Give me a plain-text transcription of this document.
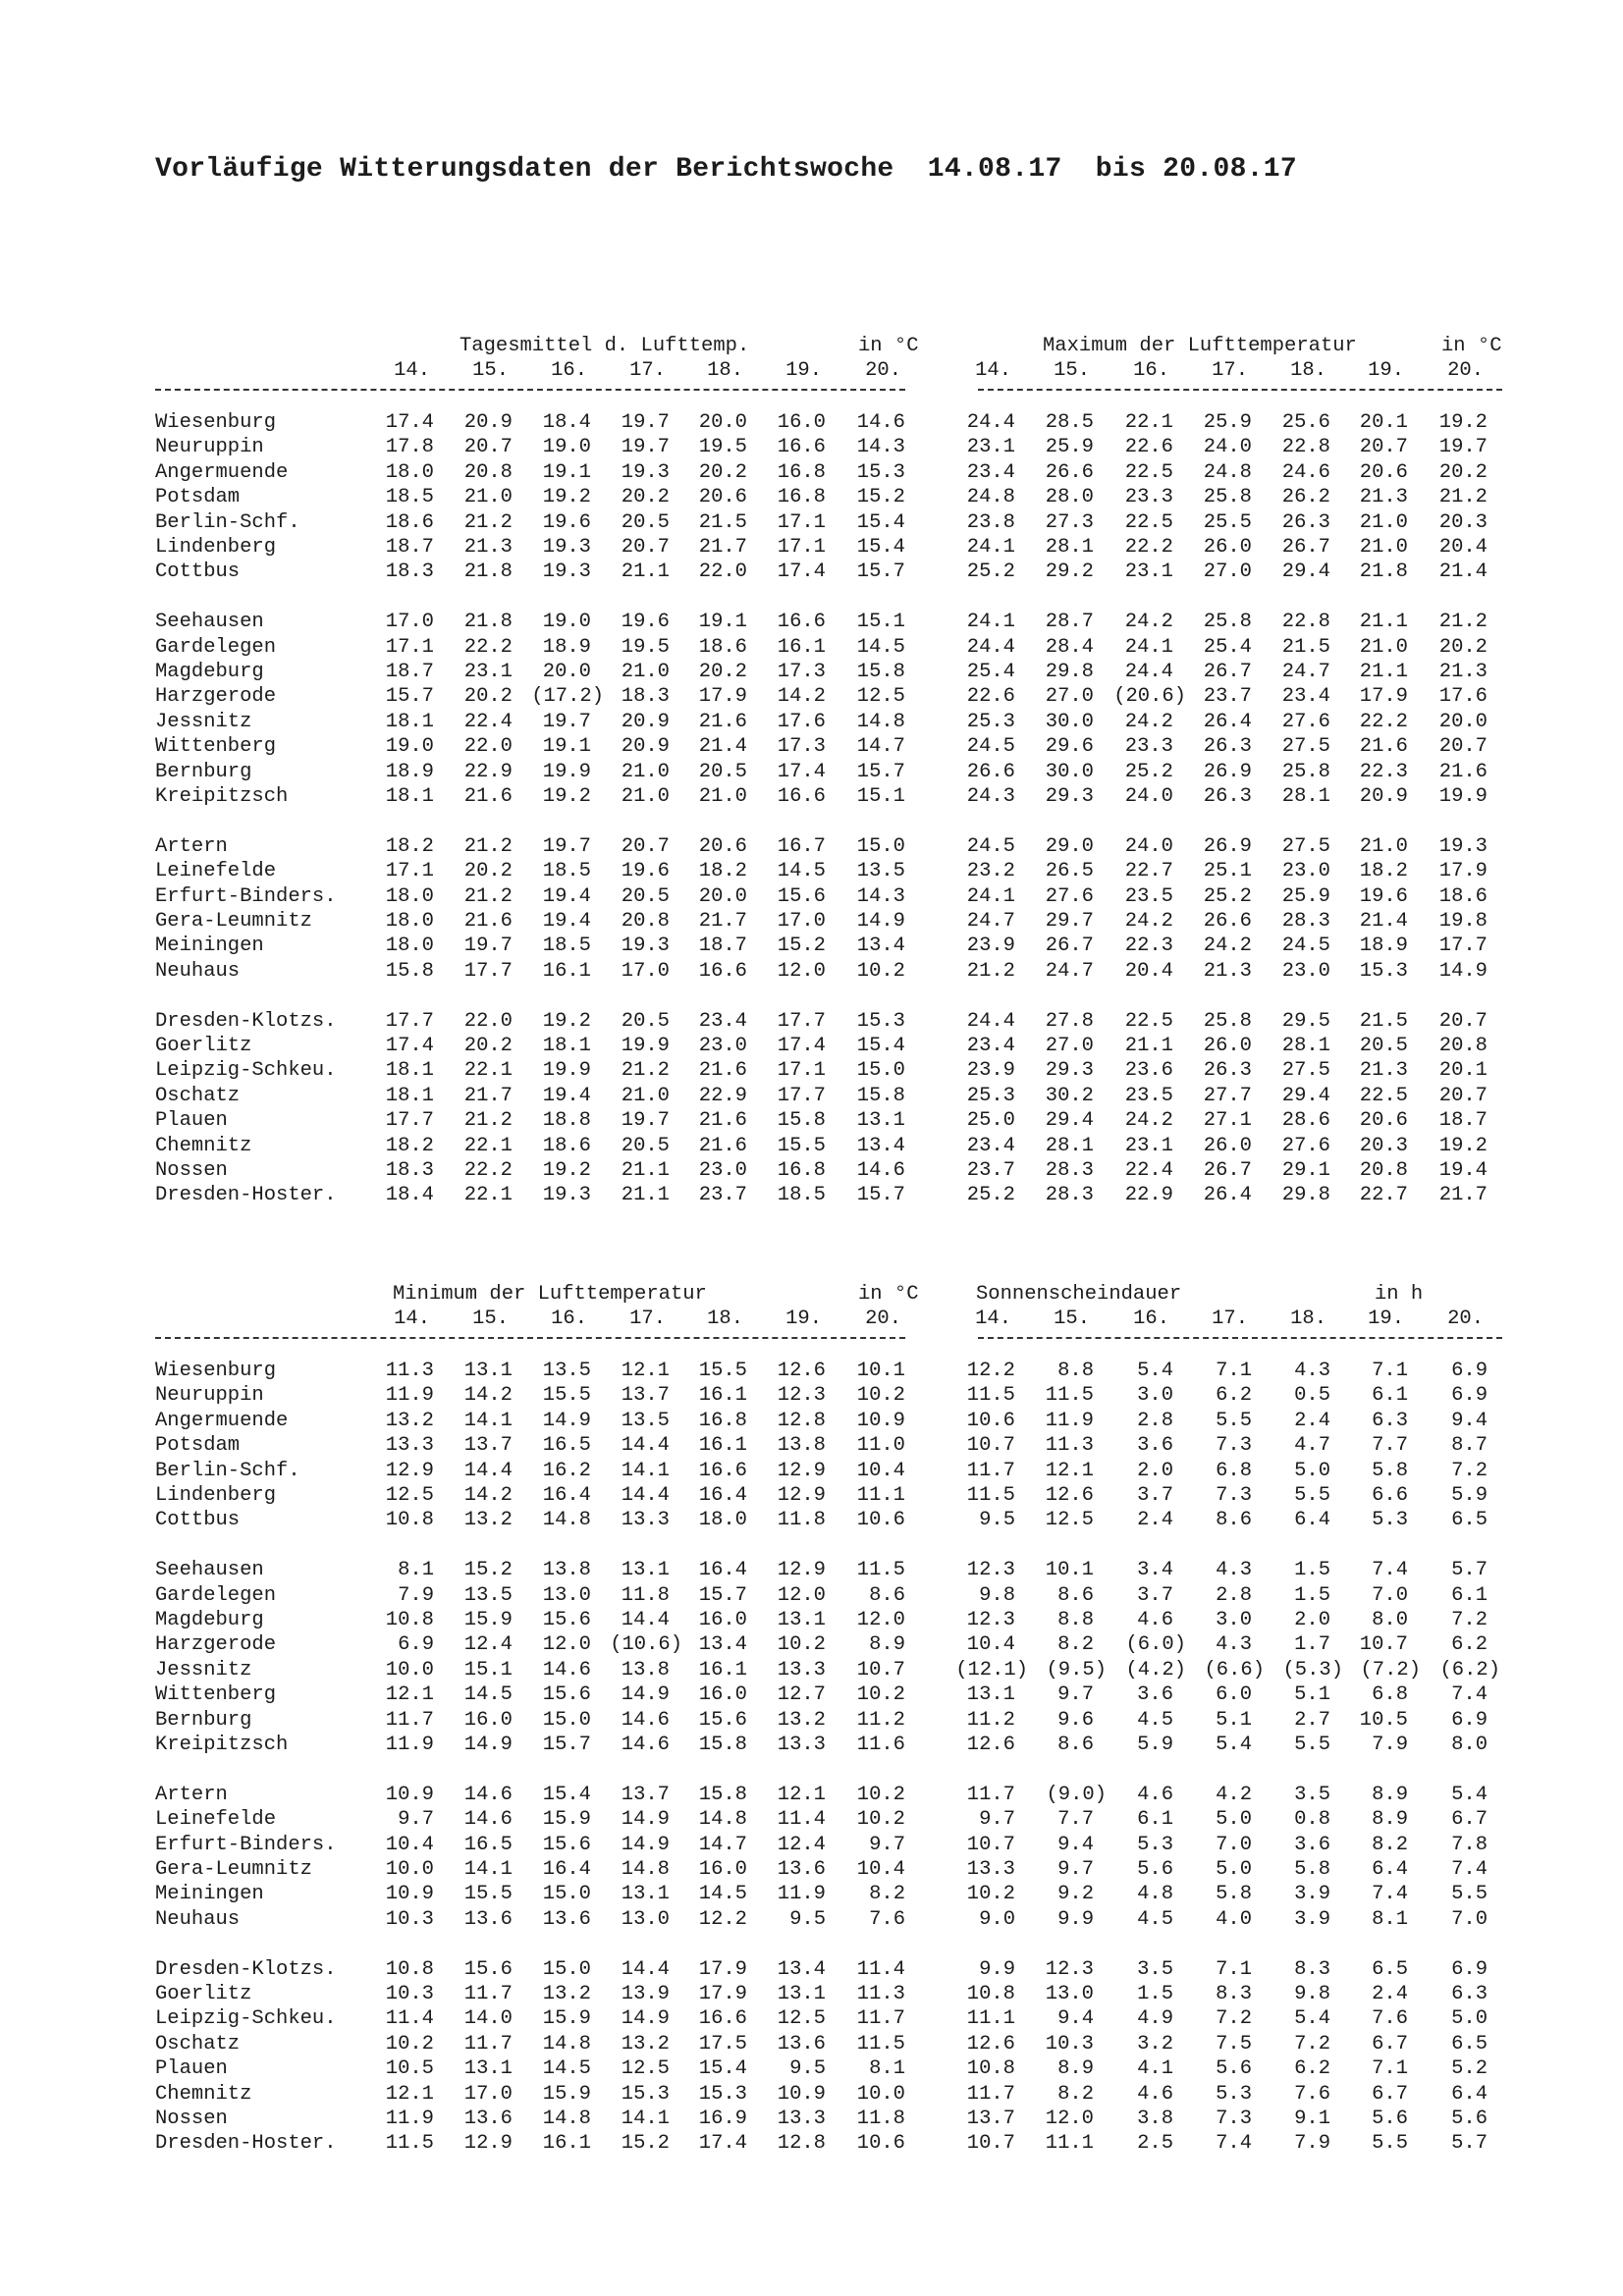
Vorläufige Witterungsdaten der Berichtswoche  14.08.17  bis 20.08.17
Tagesmittel d. Lufttemp.	in °C
14.	15.	16.	17.	18.	19.	20.
Wiesenburg	17.4	20.9	18.4	19.7	20.0	16.0	14.6
Neuruppin	17.8	20.7	19.0	19.7	19.5	16.6	14.3
Angermuende	18.0	20.8	19.1	19.3	20.2	16.8	15.3
Potsdam	18.5	21.0	19.2	20.2	20.6	16.8	15.2
Berlin-Schf.	18.6	21.2	19.6	20.5	21.5	17.1	15.4
Lindenberg	18.7	21.3	19.3	20.7	21.7	17.1	15.4
Cottbus	18.3	21.8	19.3	21.1	22.0	17.4	15.7
Seehausen	17.0	21.8	19.0	19.6	19.1	16.6	15.1
Gardelegen	17.1	22.2	18.9	19.5	18.6	16.1	14.5
Magdeburg	18.7	23.1	20.0	21.0	20.2	17.3	15.8
Harzgerode	15.7	20.2 (17.2) 18.3	17.9	14.2	12.5
Jessnitz	18.1	22.4	19.7	20.9	21.6	17.6	14.8
Wittenberg	19.0	22.0	19.1	20.9	21.4	17.3	14.7
Bernburg	18.9	22.9	19.9	21.0	20.5	17.4	15.7
Kreipitzsch	18.1	21.6	19.2	21.0	21.0	16.6	15.1
Artern	18.2	21.2	19.7	20.7	20.6	16.7	15.0
Leinefelde	17.1	20.2	18.5	19.6	18.2	14.5	13.5
Erfurt-Binders.	18.0	21.2	19.4	20.5	20.0	15.6	14.3
Gera-Leumnitz	18.0	21.6	19.4	20.8	21.7	17.0	14.9
Meiningen	18.0	19.7	18.5	19.3	18.7	15.2	13.4
Neuhaus	15.8	17.7	16.1	17.0	16.6	12.0	10.2
Dresden-Klotzs.	17.7	22.0	19.2	20.5	23.4	17.7	15.3
Goerlitz	17.4	20.2	18.1	19.9	23.0	17.4	15.4
Leipzig-Schkeu.	18.1	22.1	19.9	21.2	21.6	17.1	15.0
Oschatz	18.1	21.7	19.4	21.0	22.9	17.7	15.8
Plauen	17.7	21.2	18.8	19.7	21.6	15.8	13.1
Chemnitz	18.2	22.1	18.6	20.5	21.6	15.5	13.4
Nossen	18.3	22.2	19.2	21.1	23.0	16.8	14.6
Dresden-Hoster.	18.4	22.1	19.3	21.1	23.7	18.5	15.7
Maximum der Lufttemperatur	in °C
14.	15.	16.	17.	18.	19.	20.
24.4	28.5	22.1	25.9	25.6	20.1	19.2
23.1	25.9	22.6	24.0	22.8	20.7	19.7
23.4	26.6	22.5	24.8	24.6	20.6	20.2
24.8	28.0	23.3	25.8	26.2	21.3	21.2
23.8	27.3	22.5	25.5	26.3	21.0	20.3
24.1	28.1	22.2	26.0	26.7	21.0	20.4
25.2	29.2	23.1	27.0	29.4	21.8	21.4
24.1	28.7	24.2	25.8	22.8	21.1	21.2
24.4	28.4	24.1	25.4	21.5	21.0	20.2
25.4	29.8	24.4	26.7	24.7	21.1	21.3
22.6	27.0 (20.6) 23.7	23.4	17.9	17.6
25.3	30.0	24.2	26.4	27.6	22.2	20.0
24.5	29.6	23.3	26.3	27.5	21.6	20.7
26.6	30.0	25.2	26.9	25.8	22.3	21.6
24.3	29.3	24.0	26.3	28.1	20.9	19.9
24.5	29.0	24.0	26.9	27.5	21.0	19.3
23.2	26.5	22.7	25.1	23.0	18.2	17.9
24.1	27.6	23.5	25.2	25.9	19.6	18.6
24.7	29.7	24.2	26.6	28.3	21.4	19.8
23.9	26.7	22.3	24.2	24.5	18.9	17.7
21.2	24.7	20.4	21.3	23.0	15.3	14.9
24.4	27.8	22.5	25.8	29.5	21.5	20.7
23.4	27.0	21.1	26.0	28.1	20.5	20.8
23.9	29.3	23.6	26.3	27.5	21.3	20.1
25.3	30.2	23.5	27.7	29.4	22.5	20.7
25.0	29.4	24.2	27.1	28.6	20.6	18.7
23.4	28.1	23.1	26.0	27.6	20.3	19.2
23.7	28.3	22.4	26.7	29.1	20.8	19.4
25.2	28.3	22.9	26.4	29.8	22.7	21.7
Minimum der Lufttemperatur	in °C
14.	15.	16.	17.	18.	19.	20.
Wiesenburg	11.3	13.1	13.5	12.1	15.5	12.6	10.1
Neuruppin	11.9	14.2	15.5	13.7	16.1	12.3	10.2
Angermuende	13.2	14.1	14.9	13.5	16.8	12.8	10.9
Potsdam	13.3	13.7	16.5	14.4	16.1	13.8	11.0
Berlin-Schf.	12.9	14.4	16.2	14.1	16.6	12.9	10.4
Lindenberg	12.5	14.2	16.4	14.4	16.4	12.9	11.1
Cottbus	10.8	13.2	14.8	13.3	18.0	11.8	10.6
Seehausen	8.1	15.2	13.8	13.1	16.4	12.9	11.5
Gardelegen	7.9	13.5	13.0	11.8	15.7	12.0	8.6
Magdeburg	10.8	15.9	15.6	14.4	16.0	13.1	12.0
Harzgerode	6.9	12.4	12.0 (10.6) 13.4	10.2	8.9
Jessnitz	10.0	15.1	14.6	13.8	16.1	13.3	10.7
Wittenberg	12.1	14.5	15.6	14.9	16.0	12.7	10.2
Bernburg	11.7	16.0	15.0	14.6	15.6	13.2	11.2
Kreipitzsch	11.9	14.9	15.7	14.6	15.8	13.3	11.6
Artern	10.9	14.6	15.4	13.7	15.8	12.1	10.2
Leinefelde	9.7	14.6	15.9	14.9	14.8	11.4	10.2
Erfurt-Binders.	10.4	16.5	15.6	14.9	14.7	12.4	9.7
Gera-Leumnitz	10.0	14.1	16.4	14.8	16.0	13.6	10.4
Meiningen	10.9	15.5	15.0	13.1	14.5	11.9	8.2
Neuhaus	10.3	13.6	13.6	13.0	12.2	9.5	7.6
Dresden-Klotzs.	10.8	15.6	15.0	14.4	17.9	13.4	11.4
Goerlitz	10.3	11.7	13.2	13.9	17.9	13.1	11.3
Leipzig-Schkeu.	11.4	14.0	15.9	14.9	16.6	12.5	11.7
Oschatz	10.2	11.7	14.8	13.2	17.5	13.6	11.5
Plauen	10.5	13.1	14.5	12.5	15.4	9.5	8.1
Chemnitz	12.1	17.0	15.9	15.3	15.3	10.9	10.0
Nossen	11.9	13.6	14.8	14.1	16.9	13.3	11.8
Dresden-Hoster.	11.5	12.9	16.1	15.2	17.4	12.8	10.6
Sonnenscheindauer	in h
14.	15.	16.	17.	18.	19.	20.
12.2	8.8	5.4	7.1	4.3	7.1	6.9
11.5	11.5	3.0	6.2	0.5	6.1	6.9
10.6	11.9	2.8	5.5	2.4	6.3	9.4
10.7	11.3	3.6	7.3	4.7	7.7	8.7
11.7	12.1	2.0	6.8	5.0	5.8	7.2
11.5	12.6	3.7	7.3	5.5	6.6	5.9
9.5	12.5	2.4	8.6	6.4	5.3	6.5
12.3	10.1	3.4	4.3	1.5	7.4	5.7
9.8	8.6	3.7	2.8	1.5	7.0	6.1
12.3	8.8	4.6	3.0	2.0	8.0	7.2
10.4	8.2	(6.0)	4.3	1.7	10.7	6.2
(12.1) (9.5) (4.2) (6.6) (5.3) (7.2) (6.2)
13.1	9.7	3.6	6.0	5.1	6.8	7.4
11.2	9.6	4.5	5.1	2.7	10.5	6.9
12.6	8.6	5.9	5.4	5.5	7.9	8.0
11.7	(9.0)	4.6	4.2	3.5	8.9	5.4
9.7	7.7	6.1	5.0	0.8	8.9	6.7
10.7	9.4	5.3	7.0	3.6	8.2	7.8
13.3	9.7	5.6	5.0	5.8	6.4	7.4
10.2	9.2	4.8	5.8	3.9	7.4	5.5
9.0	9.9	4.5	4.0	3.9	8.1	7.0
9.9	12.3	3.5	7.1	8.3	6.5	6.9
10.8	13.0	1.5	8.3	9.8	2.4	6.3
11.1	9.4	4.9	7.2	5.4	7.6	5.0
12.6	10.3	3.2	7.5	7.2	6.7	6.5
10.8	8.9	4.1	5.6	6.2	7.1	5.2
11.7	8.2	4.6	5.3	7.6	6.7	6.4
13.7	12.0	3.8	7.3	9.1	5.6	5.6
10.7	11.1	2.5	7.4	7.9	5.5	5.7
